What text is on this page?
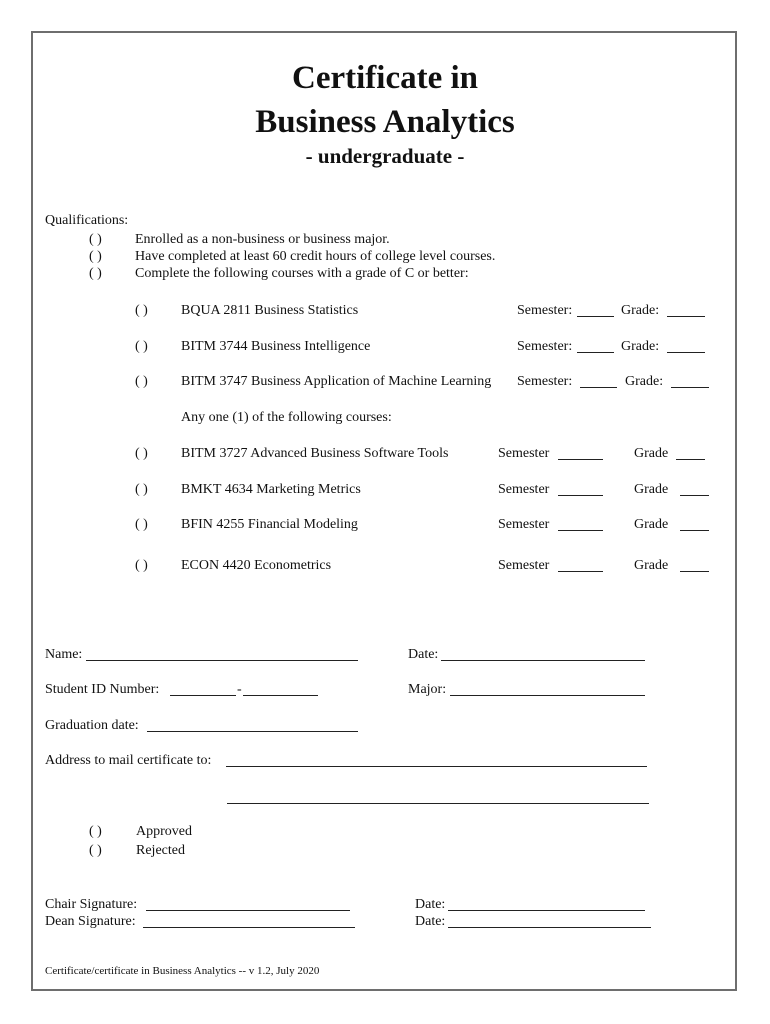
Certificate in
Business Analytics
- undergraduate -
Qualifications:
( ) Enrolled as a non-business or business major.
( ) Have completed at least 60 credit hours of college level courses.
( ) Complete the following courses with a grade of C or better:
( ) BQUA 2811 Business Statistics	Semester:	Grade:
( ) BITM 3744 Business Intelligence	Semester:	Grade:
( ) BITM 3747 Business Application of Machine Learning Semester:	Grade:
Any one (1) of the following courses:
( ) BITM 3727 Advanced Business Software Tools	Semester	Grade
( ) BMKT 4634 Marketing Metrics	Semester	Grade
( ) BFIN 4255 Financial Modeling	Semester	Grade
( ) ECON 4420 Econometrics	Semester	Grade
Name:	Date:
Student ID Number:	-	Major:
Graduation date:
Address to mail certificate to:
( ) Approved
( ) Rejected
Chair Signature:	Date:
Dean Signature:	Date:
Certificate/certificate in Business Analytics -- v 1.2, July 2020
